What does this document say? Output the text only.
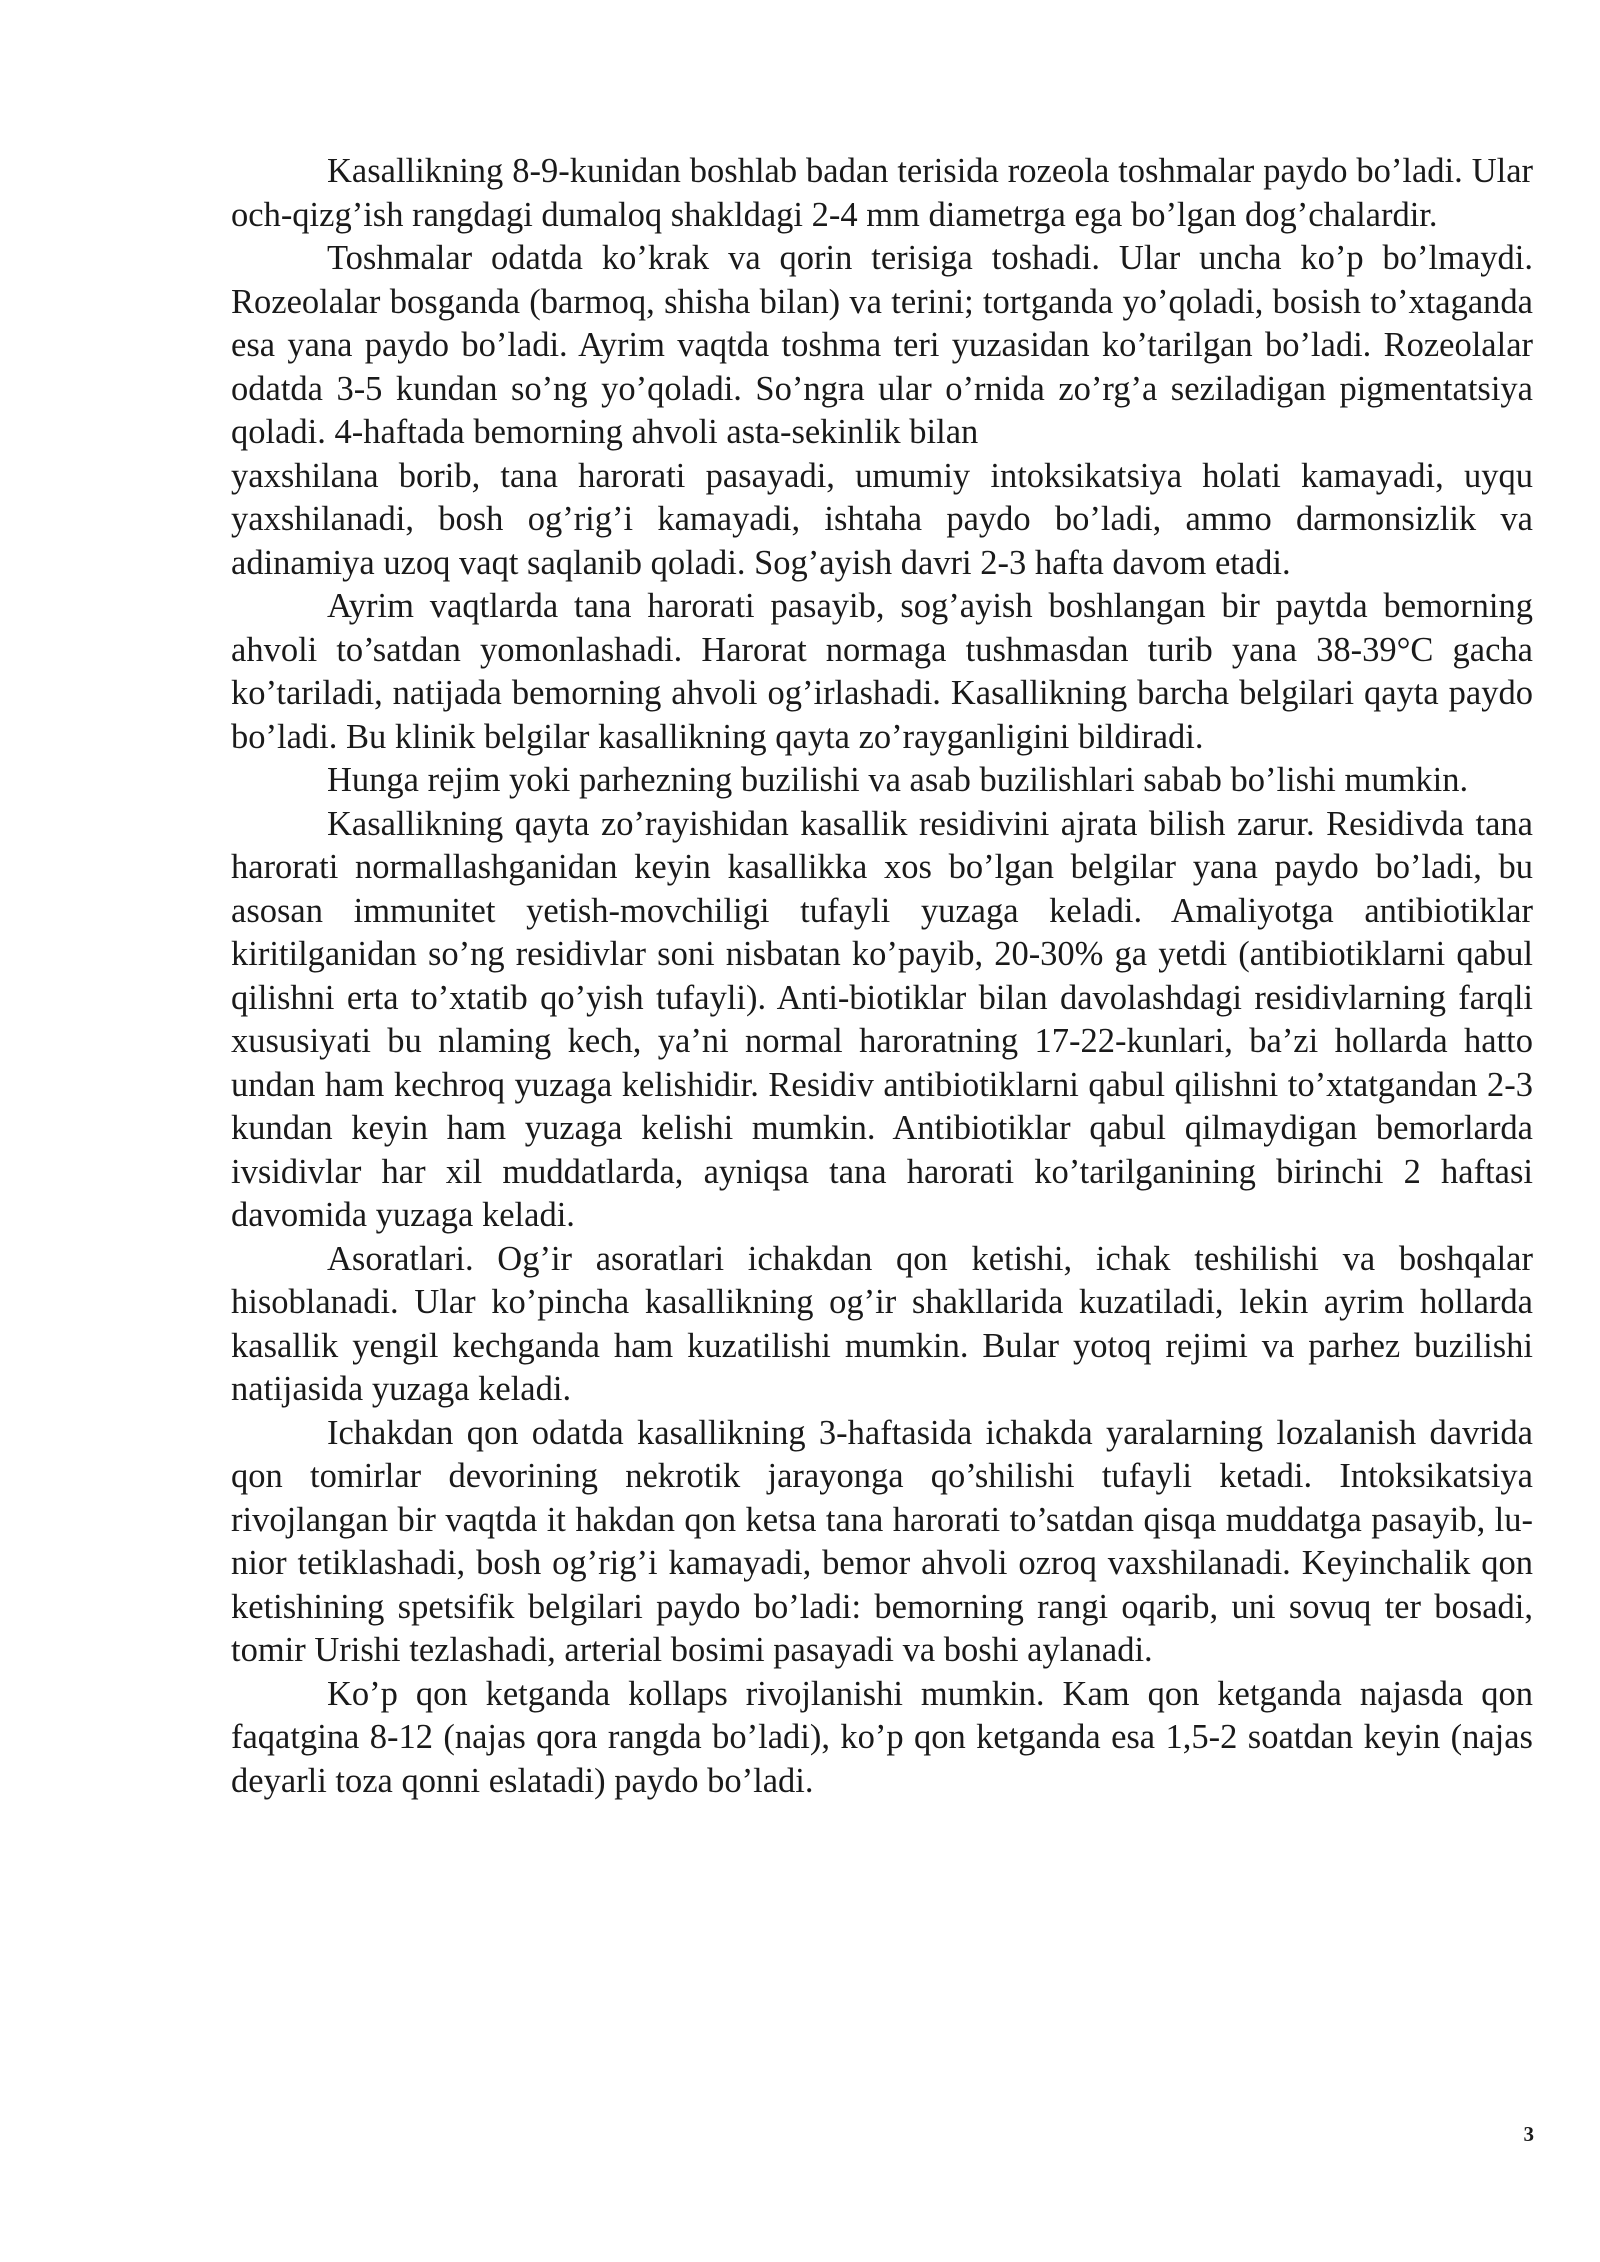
Kasallikning 8-9-kunidan boshlab badan terisida rozeola toshmalar paydo bo’ladi. Ular och-qizg’ish rangdagi dumaloq shakldagi 2-4 mm diametrga ega bo’lgan dog’chalardir.

Toshmalar odatda ko’krak va qorin terisiga toshadi. Ular uncha ko’p bo’lmaydi. Rozeolalar bosganda (barmoq, shisha bilan) va terini; tortganda yo’qoladi, bosish to’xtaganda esa yana paydo bo’ladi. Ayrim vaqtda toshma teri yuzasidan ko’tarilgan bo’ladi. Rozeolalar odatda 3-5 kundan so’ng yo’qoladi. So’ngra ular o’rnida zo’rg’a seziladigan pigmentatsiya qoladi. 4-haftada bemorning ahvoli asta-sekinlik bilan

yaxshilana borib, tana harorati pasayadi, umumiy intoksikatsiya holati kamayadi, uyqu yaxshilanadi, bosh og’rig’i kamayadi, ishtaha paydo bo’ladi, ammo darmonsizlik va adinamiya uzoq vaqt saqlanib qoladi. Sog’ayish davri 2-3 hafta davom etadi.

Ayrim vaqtlarda tana harorati pasayib, sog’ayish boshlangan bir paytda bemorning ahvoli to’satdan yomonlashadi. Harorat normaga tushmasdan turib yana 38-39°C gacha ko’tariladi, natijada bemorning ahvoli og’irlashadi. Kasallikning barcha belgilari qayta paydo bo’ladi. Bu klinik belgilar kasallikning qayta zo’rayganligini bildiradi.

Hunga rejim yoki parhezning buzilishi va asab buzilishlari sabab bo’lishi mumkin.

Kasallikning qayta zo’rayishidan kasallik residivini ajrata bilish zarur. Residivda tana harorati normallashganidan keyin kasallikka xos bo’lgan belgilar yana paydo bo’ladi, bu asosan immunitet yetish-movchiligi tufayli yuzaga keladi. Amaliyotga antibiotiklar kiritilganidan so’ng residivlar soni nisbatan ko’payib, 20-30% ga yetdi (antibiotiklarni qabul qilishni erta to’xtatib qo’yish tufayli). Anti-biotiklar bilan davolashdagi residivlarning farqli xususiyati bu nlaming kech, ya’ni normal haroratning 17-22-kunlari, ba’zi hollarda hatto undan ham kechroq yuzaga kelishidir. Residiv antibiotiklarni qabul qilishni to’xtatgandan 2-3 kundan keyin ham yuzaga kelishi mumkin. Antibiotiklar qabul qilmaydigan bemorlarda ivsidivlar har xil muddatlarda, ayniqsa tana harorati ko’tarilganining birinchi 2 haftasi davomida yuzaga keladi.

Asoratlari. Og’ir asoratlari ichakdan qon ketishi, ichak teshilishi va boshqalar hisoblanadi. Ular ko’pincha kasallikning og’ir shakllarida kuzatiladi, lekin ayrim hollarda kasallik yengil kechganda ham kuzatilishi mumkin. Bular yotoq rejimi va parhez buzilishi natijasida yuzaga keladi.

Ichakdan qon odatda kasallikning 3-haftasida ichakda yaralarning lozalanish davrida qon tomirlar devorining nekrotik jarayonga qo’shilishi tufayli ketadi. Intoksikatsiya rivojlangan bir vaqtda it hakdan qon ketsa tana harorati to’satdan qisqa muddatga pasayib, lu-nior tetiklashadi, bosh og’rig’i kamayadi, bemor ahvoli ozroq vaxshilanadi. Keyinchalik qon ketishining spetsifik belgilari paydo bo’ladi: bemorning rangi oqarib, uni sovuq ter bosadi, tomir Urishi tezlashadi, arterial bosimi pasayadi va boshi aylanadi.

Ko’p qon ketganda kollaps rivojlanishi mumkin. Kam qon ketganda najasda qon faqatgina 8-12 (najas qora rangda bo’ladi), ko’p qon ketganda esa 1,5-2 soatdan keyin (najas deyarli toza qonni eslatadi) paydo bo’ladi.

3
